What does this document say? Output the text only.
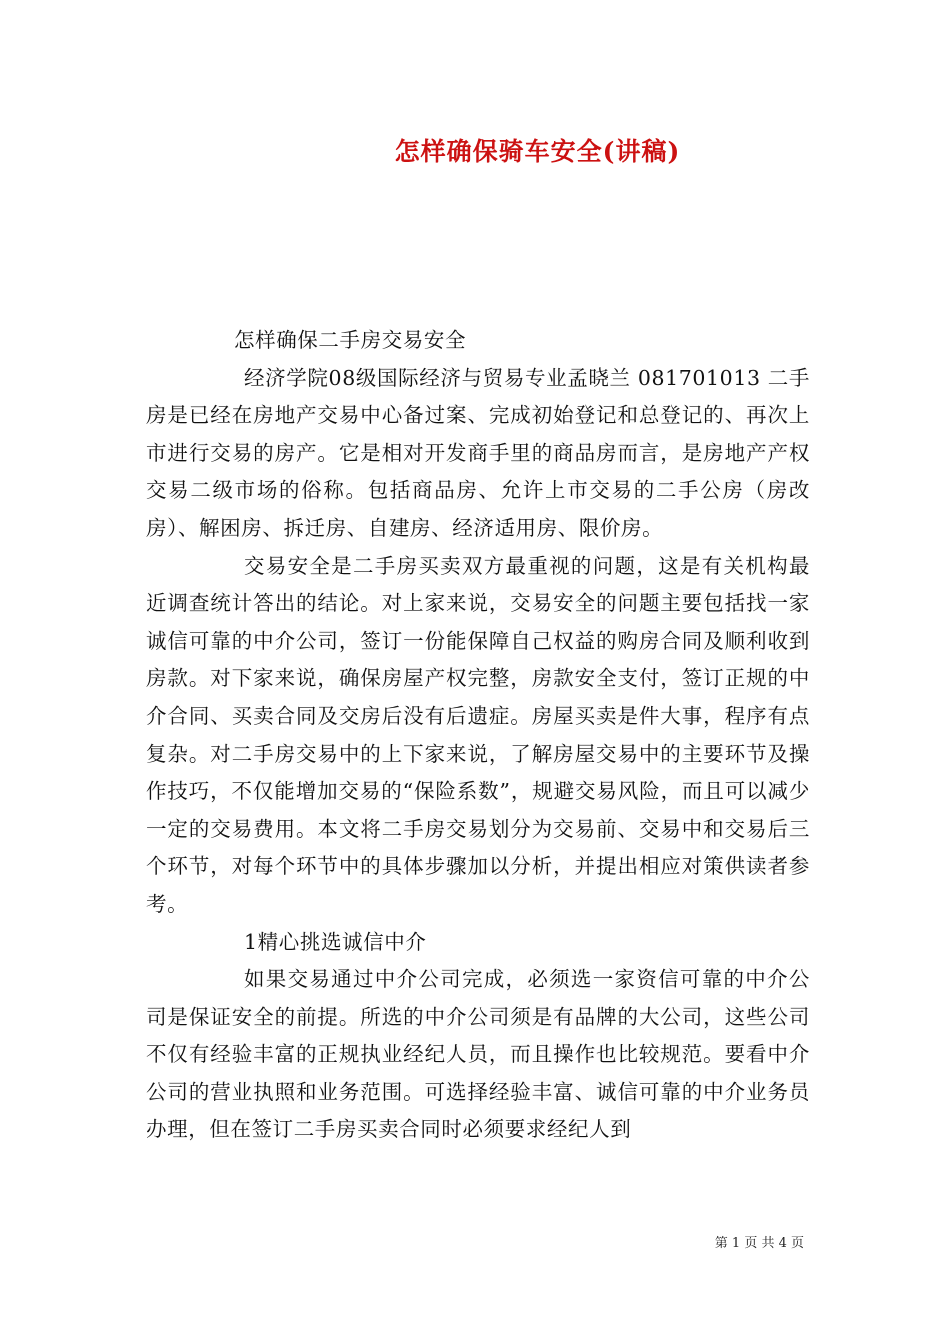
怎样确保骑车安全(讲稿)

怎样确保二手房交易安全

经济学院08级国际经济与贸易专业孟晓兰 081701013 二手房是已经在房地产交易中心备过案、完成初始登记和总登记的、再次上市进行交易的房产。它是相对开发商手里的商品房而言，是房地产产权交易二级市场的俗称。包括商品房、允许上市交易的二手公房（房改房）、解困房、拆迁房、自建房、经济适用房、限价房。

交易安全是二手房买卖双方最重视的问题，这是有关机构最近调查统计答出的结论。对上家来说，交易安全的问题主要包括找一家诚信可靠的中介公司，签订一份能保障自己权益的购房合同及顺利收到房款。对下家来说，确保房屋产权完整，房款安全支付，签订正规的中介合同、买卖合同及交房后没有后遗症。房屋买卖是件大事，程序有点复杂。对二手房交易中的上下家来说，了解房屋交易中的主要环节及操作技巧，不仅能增加交易的“保险系数”，规避交易风险，而且可以减少一定的交易费用。本文将二手房交易划分为交易前、交易中和交易后三个环节，对每个环节中的具体步骤加以分析，并提出相应对策供读者参考。

1精心挑选诚信中介

如果交易通过中介公司完成，必须选一家资信可靠的中介公司是保证安全的前提。所选的中介公司须是有品牌的大公司，这些公司不仅有经验丰富的正规执业经纪人员，而且操作也比较规范。要看中介公司的营业执照和业务范围。可选择经验丰富、诚信可靠的中介业务员办理，但在签订二手房买卖合同时必须要求经纪人到

第 1 页 共 4 页
